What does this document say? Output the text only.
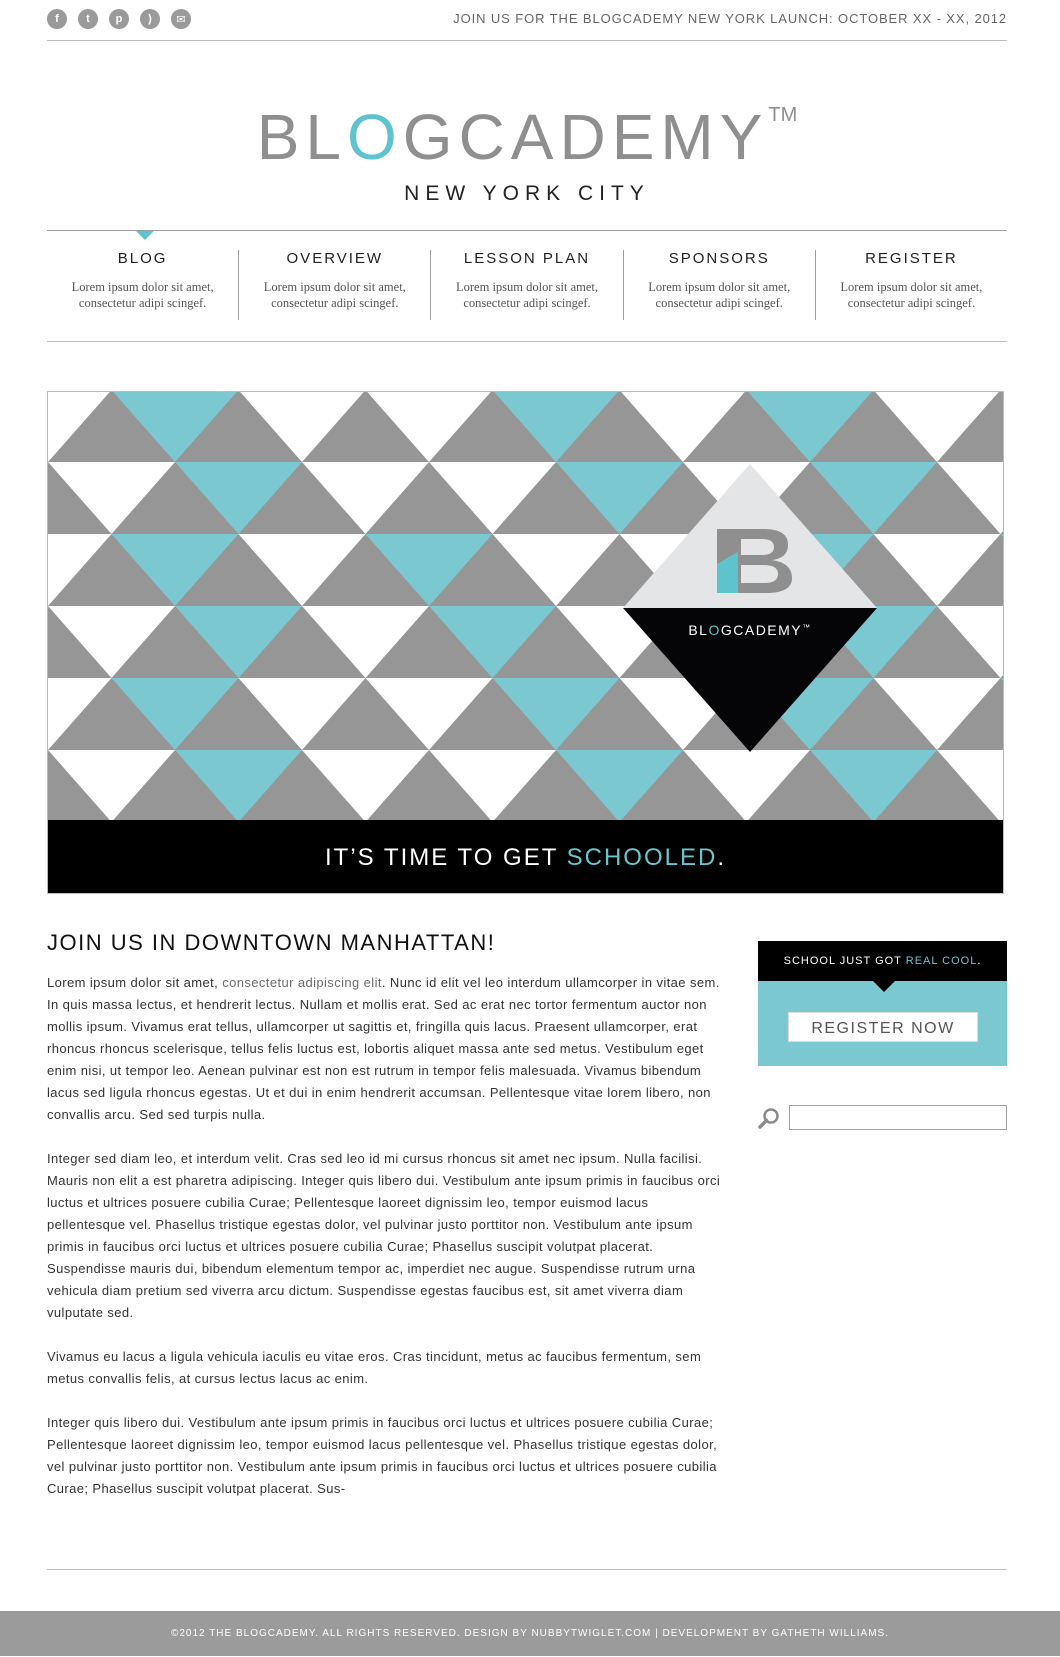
f	t	p	)	✉	JOIN US FOR THE BLOGCADEMY NEW YORK LAUNCH: OCTOBER XX - XX, 2012
BLOGCADEMY™
NEW YORK CITY
BLOG
Lorem ipsum dolor sit amet, consectetur adipi scingef.
OVERVIEW
Lorem ipsum dolor sit amet, consectetur adipi scingef.
LESSON PLAN
Lorem ipsum dolor sit amet, consectetur adipi scingef.
SPONSORS
Lorem ipsum dolor sit amet, consectetur adipi scingef.
REGISTER
Lorem ipsum dolor sit amet, consectetur adipi scingef.
BLOGCADEMY™
IT’S TIME TO GET SCHOOLED.
JOIN US IN DOWNTOWN MANHATTAN!

Lorem ipsum dolor sit amet, consectetur adipiscing elit. Nunc id elit vel leo interdum ullamcorper in vitae sem. In quis massa lectus, et hendrerit lectus. Nullam et mollis erat. Sed ac erat nec tortor fermentum auctor non mollis ipsum. Vivamus erat tellus, ullamcorper ut sagittis et, fringilla quis lacus. Praesent ullamcorper, erat rhoncus rhoncus scelerisque, tellus felis luctus est, lobortis aliquet massa ante sed metus. Vestibulum eget enim nisi, ut tempor leo. Aenean pulvinar est non est rutrum in tempor felis malesuada. Vivamus bibendum lacus sed ligula rhoncus egestas. Ut et dui in enim hendrerit accumsan. Pellentesque vitae lorem libero, non convallis arcu. Sed sed turpis nulla.

Integer sed diam leo, et interdum velit. Cras sed leo id mi cursus rhoncus sit amet nec ipsum. Nulla facilisi. Mauris non elit a est pharetra adipiscing. Integer quis libero dui. Vestibulum ante ipsum primis in faucibus orci luctus et ultrices posuere cubilia Curae; Pellentesque laoreet dignissim leo, tempor euismod lacus pellentesque vel. Phasellus tristique egestas dolor, vel pulvinar justo porttitor non. Vestibulum ante ipsum primis in faucibus orci luctus et ultrices posuere cubilia Curae; Phasellus suscipit volutpat placerat. Suspendisse mauris dui, bibendum elementum tempor ac, imperdiet nec augue. Suspendisse rutrum urna vehicula diam pretium sed viverra arcu dictum. Suspendisse egestas faucibus est, sit amet viverra diam vulputate sed.

Vivamus eu lacus a ligula vehicula iaculis eu vitae eros. Cras tincidunt, metus ac faucibus fermentum, sem metus convallis felis, at cursus lectus lacus ac enim.

Integer quis libero dui. Vestibulum ante ipsum primis in faucibus orci luctus et ultrices posuere cubilia Curae; Pellentesque laoreet dignissim leo, tempor euismod lacus pellentesque vel. Phasellus tristique egestas dolor, vel pulvinar justo porttitor non. Vestibulum ante ipsum primis in faucibus orci luctus et ultrices posuere cubilia Curae; Phasellus suscipit volutpat placerat. Sus-

SCHOOL JUST GOT REAL COOL.
REGISTER NOW
©2012 THE BLOGCADEMY. ALL RIGHTS RESERVED. DESIGN BY NUBBYTWIGLET.COM | DEVELOPMENT BY GATHETH WILLIAMS.
